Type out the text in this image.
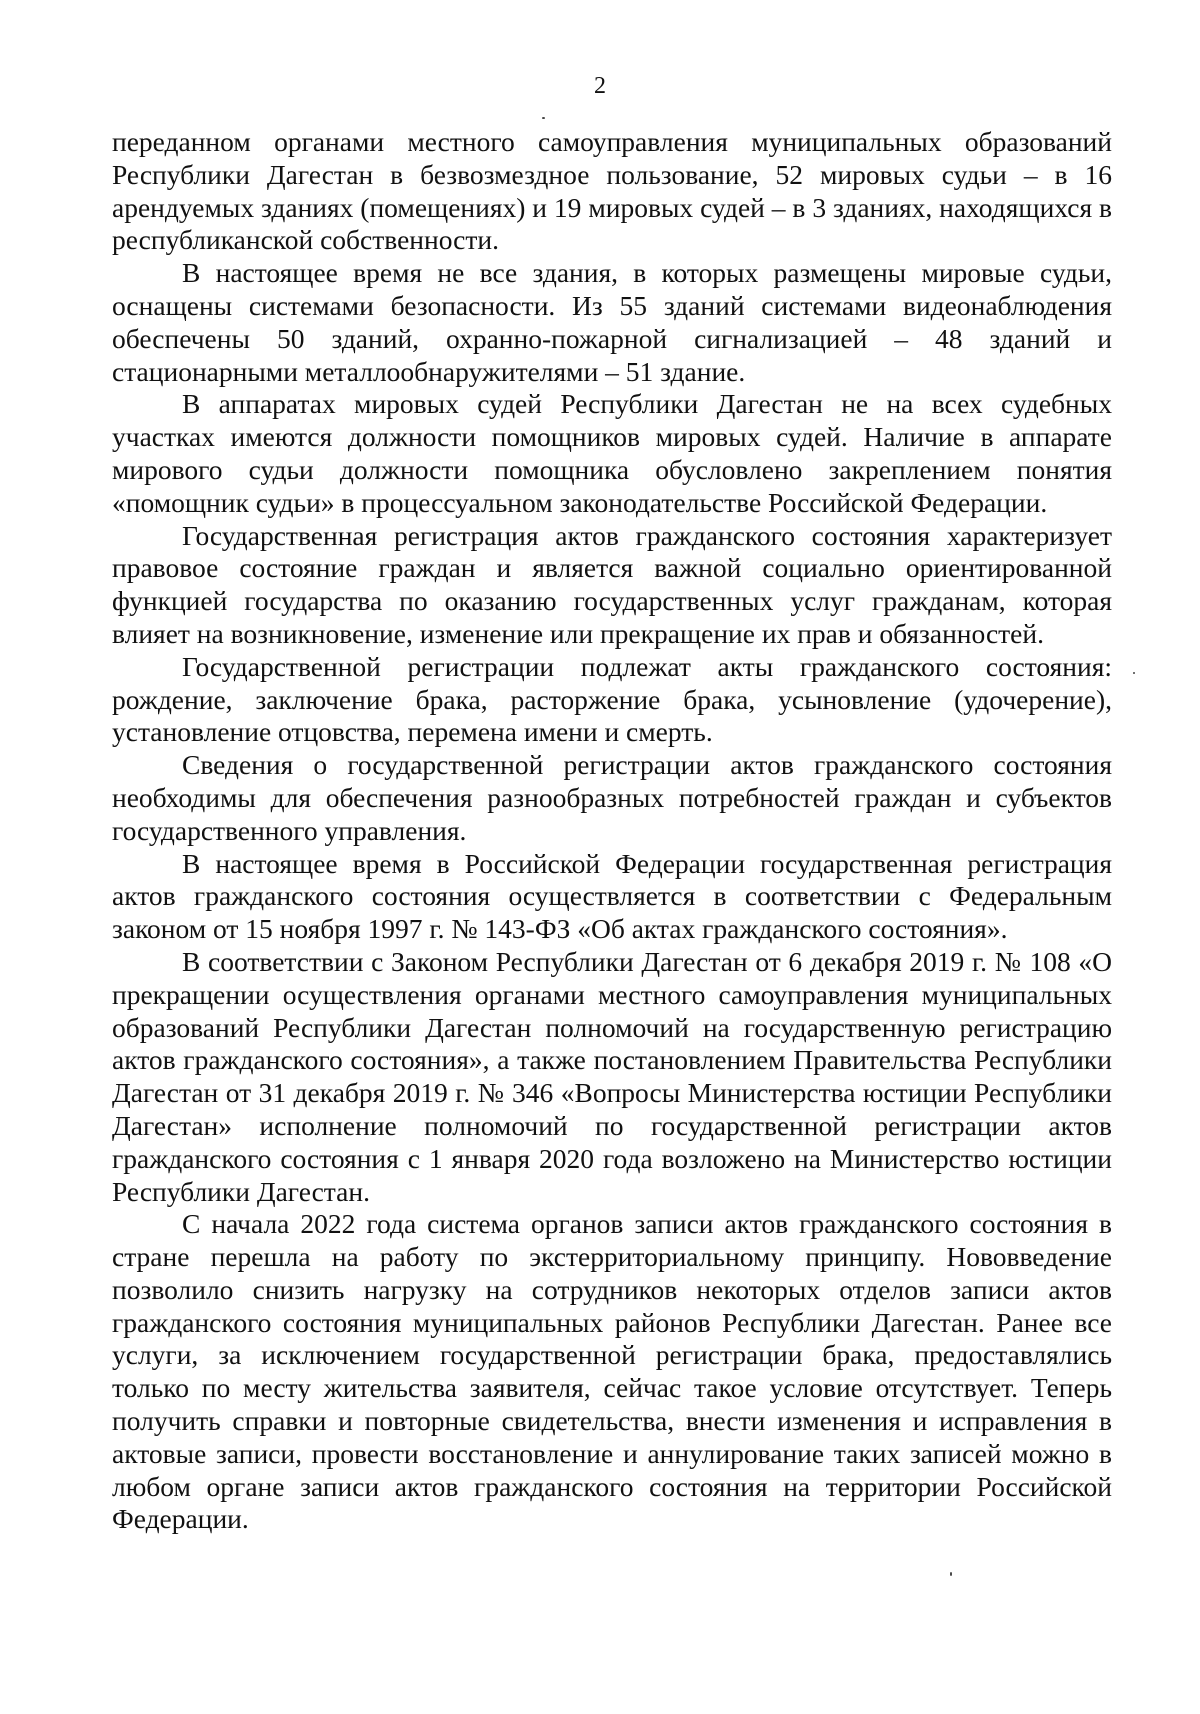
2

переданном органами местного самоуправления муниципальных образований Республики Дагестан в безвозмездное пользование, 52 мировых судьи – в 16 арендуемых зданиях (помещениях) и 19 мировых судей – в 3 зданиях, находящихся в республиканской собственности.

В настоящее время не все здания, в которых размещены мировые судьи, оснащены системами безопасности. Из 55 зданий системами видеонаблюдения обеспечены 50 зданий, охранно-пожарной сигнализацией – 48 зданий и стационарными металлообнаружителями – 51 здание.

В аппаратах мировых судей Республики Дагестан не на всех судебных участках имеются должности помощников мировых судей. Наличие в аппарате мирового судьи должности помощника обусловлено закреплением понятия «помощник судьи» в процессуальном законодательстве Российской Федерации.

Государственная регистрация актов гражданского состояния характеризует правовое состояние граждан и является важной социально ориентированной функцией государства по оказанию государственных услуг гражданам, которая влияет на возникновение, изменение или прекращение их прав и обязанностей.

Государственной регистрации подлежат акты гражданского состояния: рождение, заключение брака, расторжение брака, усыновление (удочерение), установление отцовства, перемена имени и смерть.

Сведения о государственной регистрации актов гражданского состояния необходимы для обеспечения разнообразных потребностей граждан и субъектов государственного управления.

В настоящее время в Российской Федерации государственная регистрация актов гражданского состояния осуществляется в соответствии с Федеральным законом от 15 ноября 1997 г. № 143-ФЗ «Об актах гражданского состояния».

В соответствии с Законом Республики Дагестан от 6 декабря 2019 г. № 108 «О прекращении осуществления органами местного самоуправления муниципальных образований Республики Дагестан полномочий на государственную регистрацию актов гражданского состояния», а также постановлением Правительства Республики Дагестан от 31 декабря 2019 г. № 346 «Вопросы Министерства юстиции Республики Дагестан» исполнение полномочий по государственной регистрации актов гражданского состояния с 1 января 2020 года возложено на Министерство юстиции Республики Дагестан.

С начала 2022 года система органов записи актов гражданского состояния в стране перешла на работу по экстерриториальному принципу. Нововведение позволило снизить нагрузку на сотрудников некоторых отделов записи актов гражданского состояния муниципальных районов Республики Дагестан. Ранее все услуги, за исключением государственной регистрации брака, предоставлялись только по месту жительства заявителя, сейчас такое условие отсутствует. Теперь получить справки и повторные свидетельства, внести изменения и исправления в актовые записи, провести восстановление и аннулирование таких записей можно в любом органе записи актов гражданского состояния на территории Российской Федерации.
